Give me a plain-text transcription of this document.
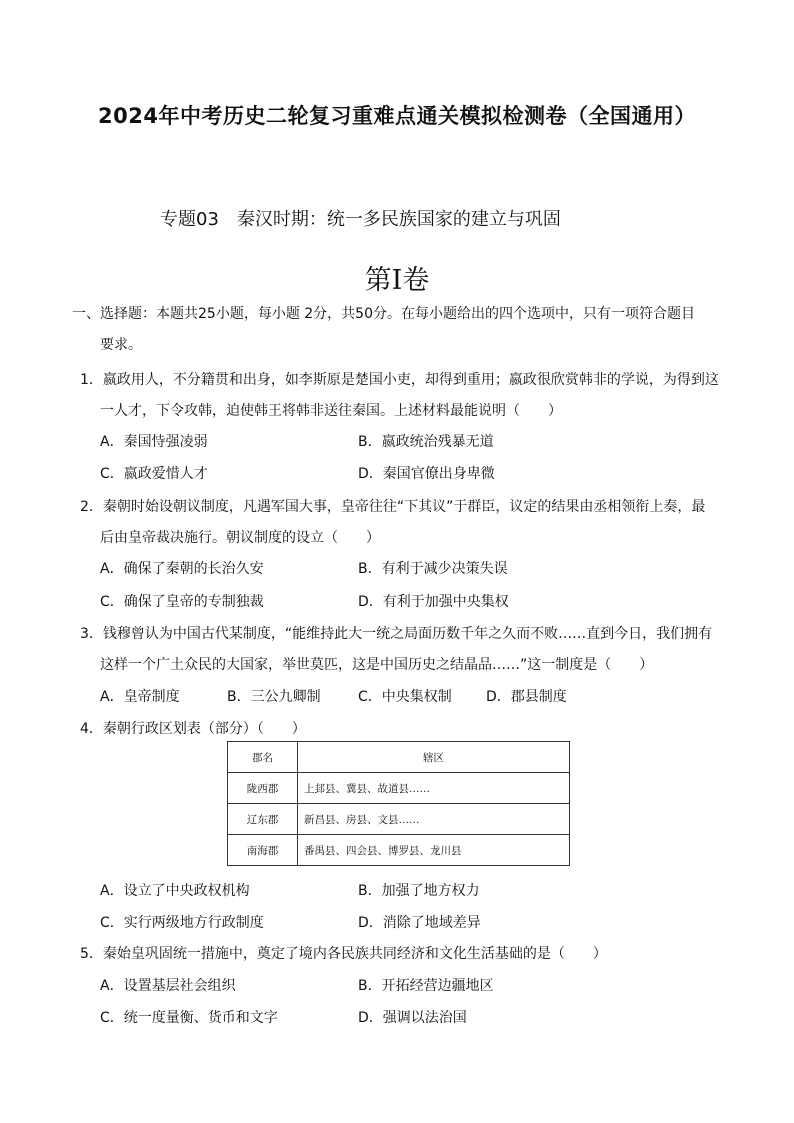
2024年中考历史二轮复习重难点通关模拟检测卷（全国通用）
专题03　秦汉时期：统一多民族国家的建立与巩固
第Ⅰ卷
一、选择题：本题共25小题，每小题 2分，共50分。在每小题给出的四个选项中，只有一项符合题目
要求。
1．嬴政用人，不分籍贯和出身，如李斯原是楚国小吏，却得到重用；嬴政很欣赏韩非的学说，为得到这
一人才，下令攻韩，迫使韩王将韩非送往秦国。上述材料最能说明（　　）
A．秦国恃强凌弱	B．嬴政统治残暴无道
C．嬴政爱惜人才	D．秦国官僚出身卑微
2．秦朝时始设朝议制度，凡遇军国大事，皇帝往往“下其议”于群臣，议定的结果由丞相领衔上奏，最
后由皇帝裁决施行。朝议制度的设立（　　）
A．确保了秦朝的长治久安	B．有利于减少决策失误
C．确保了皇帝的专制独裁	D．有利于加强中央集权
3．钱穆曾认为中国古代某制度，“能维持此大一统之局面历数千年之久而不败……直到今日，我们拥有
这样一个广土众民的大国家，举世莫匹，这是中国历史之结晶品……”这一制度是（　　）
A．皇帝制度	B．三公九卿制	C．中央集权制 D．郡县制度
4．秦朝行政区划表（部分）（　　）
郡名	辖区
陇西郡	上邽县、冀县、故道县……
辽东郡	新昌县、房县、文县……
南海郡	番禺县、四会县、博罗县、龙川县
A．设立了中央政权机构	B．加强了地方权力
C．实行两级地方行政制度	D．消除了地域差异
5．秦始皇巩固统一措施中，奠定了境内各民族共同经济和文化生活基础的是（　　）
A．设置基层社会组织	B．开拓经营边疆地区
C．统一度量衡、货币和文字	D．强调以法治国
